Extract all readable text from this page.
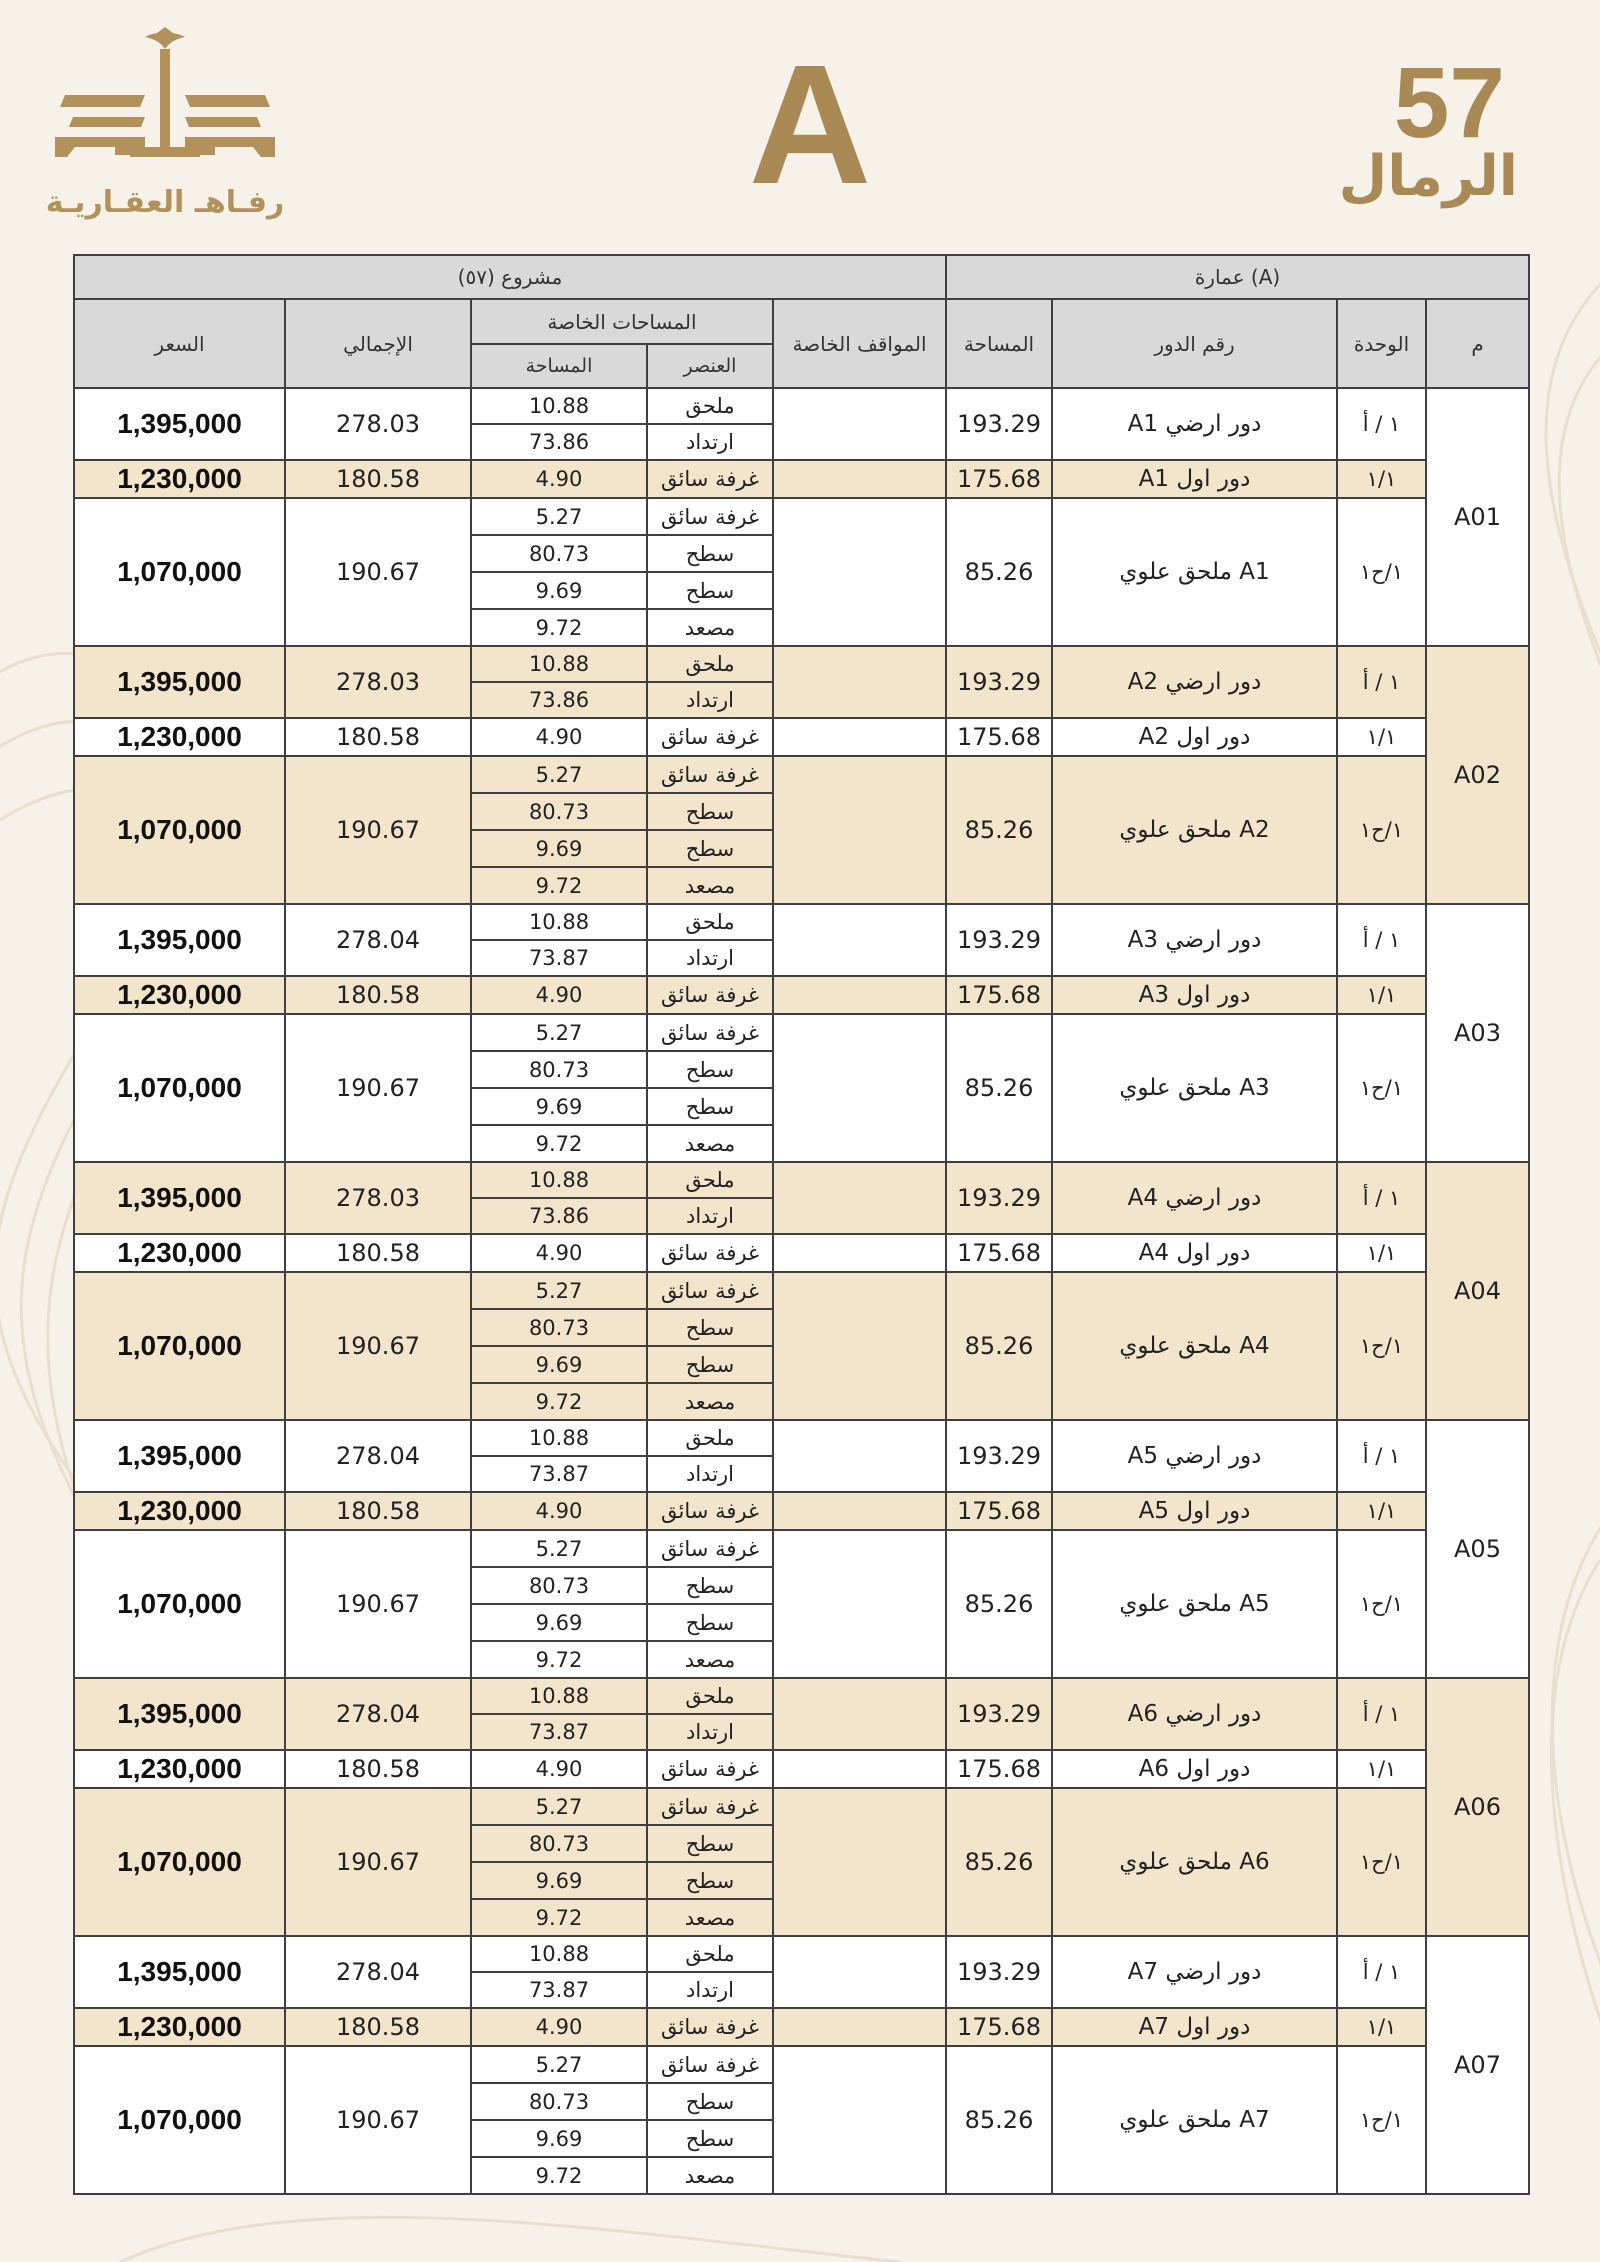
رفـاهـ العقـاريـة	A	57
الرمال
مشروع (٥٧)					عمارة (A)			
السعر	الإجمالي	المساحات الخاصة		المواقف الخاصة	المساحة	رقم الدور	الوحدة	م
		المساحة	العنصر					
1,395,000	278.03	10.88	ملحق		193.29	A1 دور ارضي	١ / أ	A01
		73.86	ارتداد					
1,230,000	180.58	4.90	غرفة سائق		175.68	A1 دور اول	١/١	
1,070,000	190.67	5.27	غرفة سائق		85.26	ملحق علوي A1	١/ح١	
		80.73	سطح					
		9.69	سطح					
		9.72	مصعد					
1,395,000	278.03	10.88	ملحق		193.29	A2 دور ارضي	١ / أ	A02
		73.86	ارتداد					
1,230,000	180.58	4.90	غرفة سائق		175.68	A2 دور اول	١/١	
1,070,000	190.67	5.27	غرفة سائق		85.26	ملحق علوي A2	١/ح١	
		80.73	سطح					
		9.69	سطح					
		9.72	مصعد					
1,395,000	278.04	10.88	ملحق		193.29	A3 دور ارضي	١ / أ	A03
		73.87	ارتداد					
1,230,000	180.58	4.90	غرفة سائق		175.68	A3 دور اول	١/١	
1,070,000	190.67	5.27	غرفة سائق		85.26	ملحق علوي A3	١/ح١	
		80.73	سطح					
		9.69	سطح					
		9.72	مصعد					
1,395,000	278.03	10.88	ملحق		193.29	A4 دور ارضي	١ / أ	A04
		73.86	ارتداد					
1,230,000	180.58	4.90	غرفة سائق		175.68	A4 دور اول	١/١	
1,070,000	190.67	5.27	غرفة سائق		85.26	ملحق علوي A4	١/ح١	
		80.73	سطح					
		9.69	سطح					
		9.72	مصعد					
1,395,000	278.04	10.88	ملحق		193.29	A5 دور ارضي	١ / أ	A05
		73.87	ارتداد					
1,230,000	180.58	4.90	غرفة سائق		175.68	A5 دور اول	١/١	
1,070,000	190.67	5.27	غرفة سائق		85.26	ملحق علوي A5	١/ح١	
		80.73	سطح					
		9.69	سطح					
		9.72	مصعد					
1,395,000	278.04	10.88	ملحق		193.29	A6 دور ارضي	١ / أ	A06
		73.87	ارتداد					
1,230,000	180.58	4.90	غرفة سائق		175.68	A6 دور اول	١/١	
1,070,000	190.67	5.27	غرفة سائق		85.26	ملحق علوي A6	١/ح١	
		80.73	سطح					
		9.69	سطح					
		9.72	مصعد					
1,395,000	278.04	10.88	ملحق		193.29	A7 دور ارضي	١ / أ	A07
		73.87	ارتداد					
1,230,000	180.58	4.90	غرفة سائق		175.68	A7 دور اول	١/١	
1,070,000	190.67	5.27	غرفة سائق		85.26	ملحق علوي A7	١/ح١	
		80.73	سطح					
		9.69	سطح					
		9.72	مصعد					
